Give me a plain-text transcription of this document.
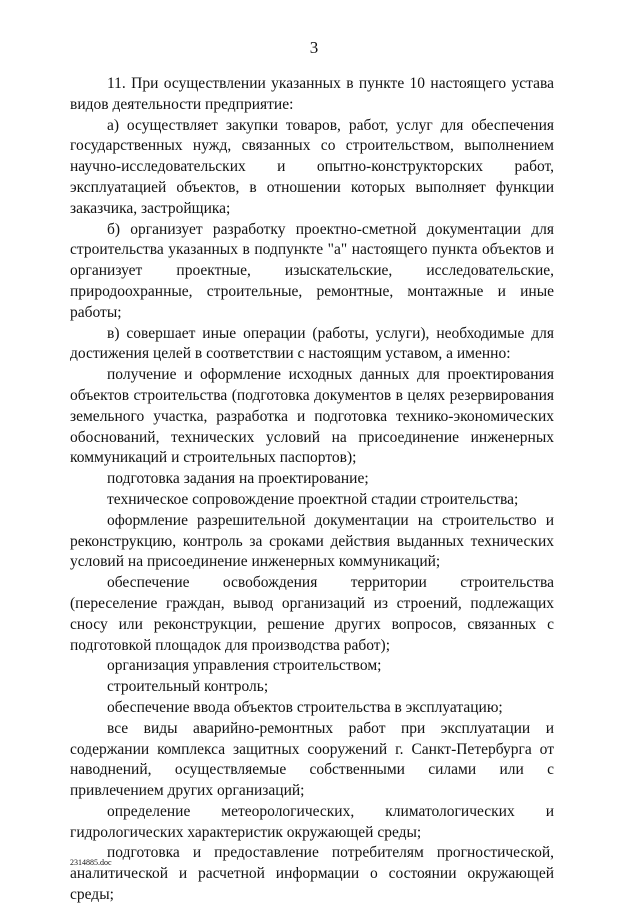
3

11. При осуществлении указанных в пункте 10 настоящего устава видов деятельности предприятие:

а) осуществляет закупки товаров, работ, услуг для обеспечения государственных нужд, связанных со строительством, выполнением научно-исследовательских и опытно-конструкторских работ, эксплуатацией объектов, в отношении которых выполняет функции заказчика, застройщика;

б) организует разработку проектно-сметной документации для строительства указанных в подпункте "а" настоящего пункта объектов и организует проектные, изыскательские, исследовательские, природоохранные, строительные, ремонтные, монтажные и иные работы;

в) совершает иные операции (работы, услуги), необходимые для достижения целей в соответствии с настоящим уставом, а именно:

получение и оформление исходных данных для проектирования объектов строительства (подготовка документов в целях резервирования земельного участка, разработка и подготовка технико-экономических обоснований, технических условий на присоединение инженерных коммуникаций и строительных паспортов);

подготовка задания на проектирование;

техническое сопровождение проектной стадии строительства;

оформление разрешительной документации на строительство и реконструкцию, контроль за сроками действия выданных технических условий на присоединение инженерных коммуникаций;

обеспечение освобождения территории строительства (переселение граждан, вывод организаций из строений, подлежащих сносу или реконструкции, решение других вопросов, связанных с подготовкой площадок для производства работ);

организация управления строительством;

строительный контроль;

обеспечение ввода объектов строительства в эксплуатацию;

все виды аварийно-ремонтных работ при эксплуатации и содержании комплекса защитных сооружений г. Санкт-Петербурга от наводнений, осуществляемые собственными силами или с привлечением других организаций;

определение метеорологических, климатологических и гидрологических характеристик окружающей среды;

подготовка и предоставление потребителям прогностической, аналитической и расчетной информации о состоянии окружающей среды;

2314885.doc
